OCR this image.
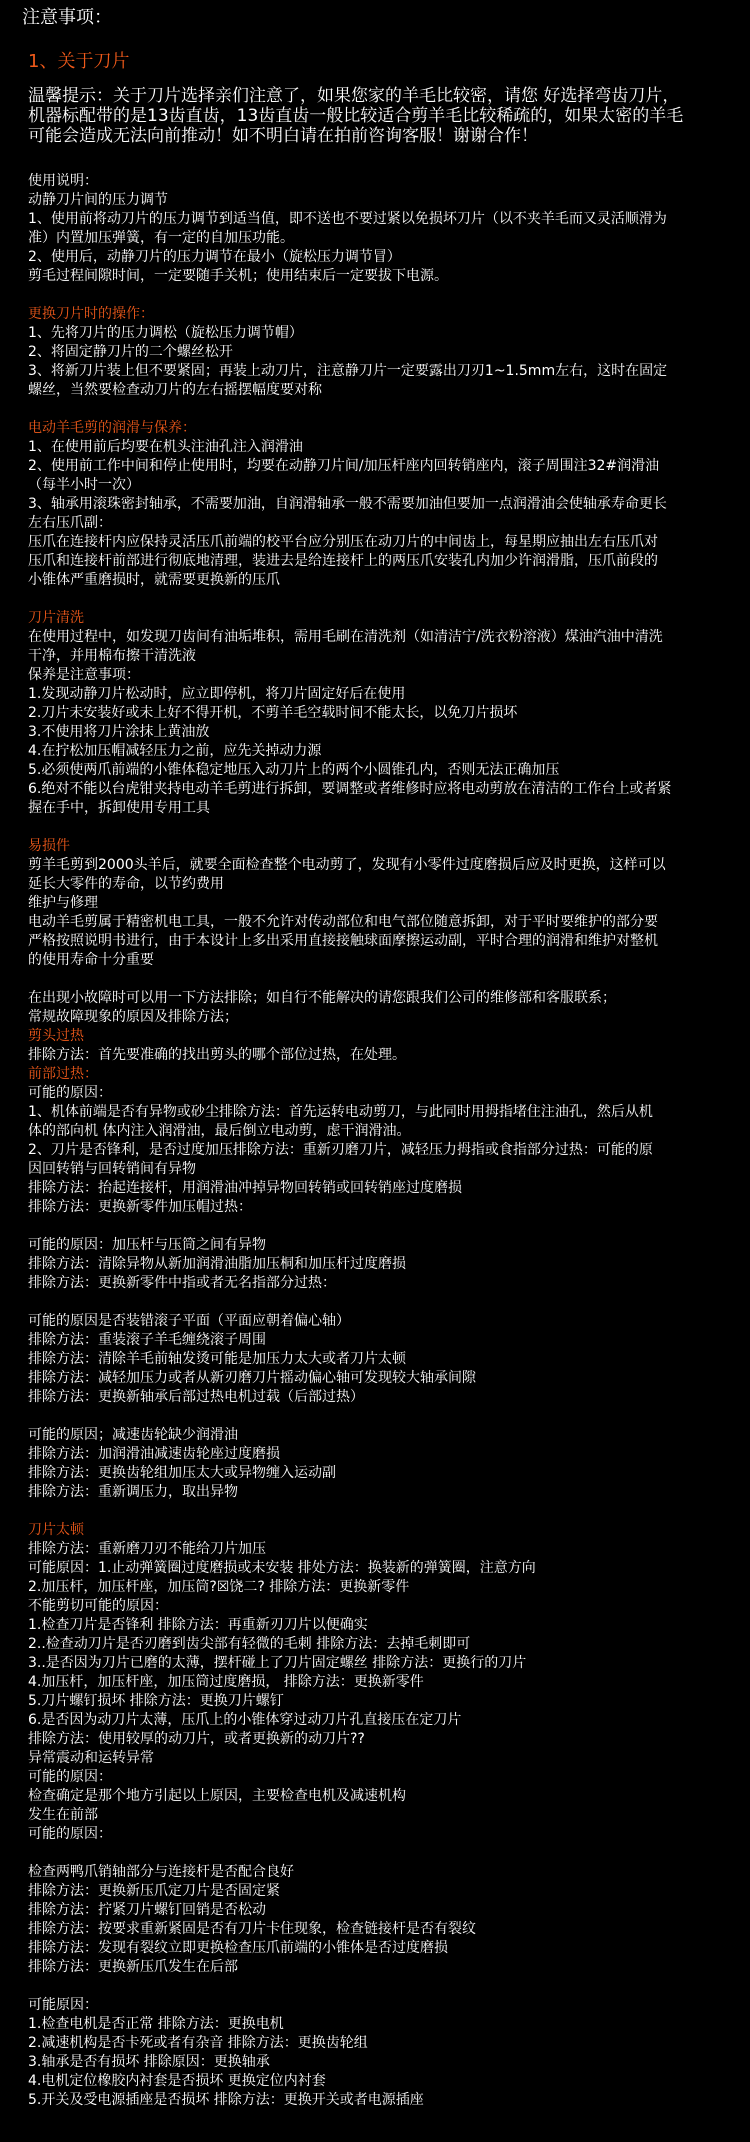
注意事项：
1、关于刀片
温馨提示：关于刀片选择亲们注意了，如果您家的羊毛比较密，请您 好选择弯齿刀片，
机器标配带的是13齿直齿，13齿直齿一般比较适合剪羊毛比较稀疏的，如果太密的羊毛
可能会造成无法向前推动！如不明白请在拍前咨询客服！谢谢合作！
使用说明：
动静刀片间的压力调节
1、使用前将动刀片的压力调节到适当值，即不送也不要过紧以免损坏刀片（以不夹羊毛而又灵活顺滑为
准）内置加压弹簧，有一定的自加压功能。
2、使用后，动静刀片的压力调节在最小（旋松压力调节冒）
剪毛过程间隙时间，一定要随手关机；使用结束后一定要拔下电源。
更换刀片时的操作：
1、先将刀片的压力调松（旋松压力调节帽）
2、将固定静刀片的二个螺丝松开
3、将新刀片装上但不要紧固；再装上动刀片，注意静刀片一定要露出刀刃1~1.5mm左右，这时在固定
螺丝，当然要检查动刀片的左右摇摆幅度要对称
电动羊毛剪的润滑与保养：
1、在使用前后均要在机头注油孔注入润滑油
2、使用前工作中间和停止使用时，均要在动静刀片间/加压杆座内回转销座内，滚子周围注32#润滑油
（每半小时一次）
3、轴承用滚珠密封轴承，不需要加油，自润滑轴承一般不需要加油但要加一点润滑油会使轴承寿命更长
左右压爪副：
压爪在连接杆内应保持灵活压爪前端的校平台应分别压在动刀片的中间齿上，每星期应抽出左右压爪对
压爪和连接杆前部进行彻底地清理，装进去是给连接杆上的两压爪安装孔内加少许润滑脂，压爪前段的
小锥体严重磨损时，就需要更换新的压爪
刀片清洗
在使用过程中，如发现刀齿间有油垢堆积，需用毛刷在清洗剂（如清洁宁/洗衣粉溶液）煤油汽油中清洗
干净，并用棉布擦干清洗液
保养是注意事项：
1.发现动静刀片松动时，应立即停机，将刀片固定好后在使用
2.刀片未安装好或未上好不得开机，不剪羊毛空载时间不能太长，以免刀片损坏
3.不使用将刀片涂抹上黄油放
4.在拧松加压帽减轻压力之前，应先关掉动力源
5.必须使两爪前端的小锥体稳定地压入动刀片上的两个小圆锥孔内，否则无法正确加压
6.绝对不能以台虎钳夹持电动羊毛剪进行拆卸，要调整或者维修时应将电动剪放在清洁的工作台上或者紧
握在手中，拆卸使用专用工具
易损件
剪羊毛剪到2000头羊后，就要全面检查整个电动剪了，发现有小零件过度磨损后应及时更换，这样可以
延长大零件的寿命，以节约费用
维护与修理
电动羊毛剪属于精密机电工具，一般不允许对传动部位和电气部位随意拆卸，对于平时要维护的部分要
严格按照说明书进行，由于本设计上多出采用直接接触球面摩擦运动副，平时合理的润滑和维护对整机
的使用寿命十分重要
在出现小故障时可以用一下方法排除；如自行不能解决的请您跟我们公司的维修部和客服联系；
常规故障现象的原因及排除方法；
剪头过热
排除方法：首先要准确的找出剪头的哪个部位过热，在处理。
前部过热：
可能的原因：
1、机体前端是否有异物或砂尘排除方法：首先运转电动剪刀，与此同时用拇指堵住注油孔，然后从机
体的部向机 体内注入润滑油，最后倒立电动剪，虑干润滑油。
2、刀片是否锋利，是否过度加压排除方法：重新刃磨刀片，减轻压力拇指或食指部分过热：可能的原
因回转销与回转销间有异物
排除方法：抬起连接杆，用润滑油冲掉异物回转销或回转销座过度磨损
排除方法：更换新零件加压帽过热：
可能的原因：加压杆与压筒之间有异物
排除方法：清除异物从新加润滑油脂加压桐和加压杆过度磨损
排除方法：更换新零件中指或者无名指部分过热：
可能的原因是否装错滚子平面（平面应朝着偏心轴）
排除方法：重装滚子羊毛缠绕滚子周围
排除方法：清除羊毛前轴发烫可能是加压力太大或者刀片太顿
排除方法：减轻加压力或者从新刃磨刀片摇动偏心轴可发现较大轴承间隙
排除方法：更换新轴承后部过热电机过载（后部过热）
可能的原因；减速齿轮缺少润滑油
排除方法：加润滑油减速齿轮座过度磨损
排除方法：更换齿轮组加压太大或异物缠入运动副
排除方法：重新调压力，取出异物
刀片太顿
排除方法：重新磨刀刃不能给刀片加压
可能原因：1.止动弹簧圈过度磨损或未安装 排处方法：换装新的弹簧圈，注意方向
2.加压杆，加压杆座，加压筒?☒饶二? 排除方法：更换新零件
不能剪切可能的原因：
1.检查刀片是否锋利 排除方法：再重新刃刀片以便确实
2..检查动刀片是否刃磨到齿尖部有轻微的毛刺 排除方法：去掉毛刺即可
3..是否因为刀片已磨的太薄，摆杆碰上了刀片固定螺丝 排除方法：更换行的刀片
4.加压杆，加压杆座，加压筒过度磨损， 排除方法：更换新零件
5.刀片螺钉损坏 排除方法：更换刀片螺钉
6.是否因为动刀片太薄，压爪上的小锥体穿过动刀片孔直接压在定刀片
排除方法：使用较厚的动刀片，或者更换新的动刀片??
异常震动和运转异常
可能的原因：
检查确定是那个地方引起以上原因，主要检查电机及减速机构
发生在前部
可能的原因：
检查两鸭爪销轴部分与连接杆是否配合良好
排除方法：更换新压爪定刀片是否固定紧
排除方法：拧紧刀片螺钉回销是否松动
排除方法：按要求重新紧固是否有刀片卡住现象，检查链接杆是否有裂纹
排除方法：发现有裂纹立即更换检查压爪前端的小锥体是否过度磨损
排除方法：更换新压爪发生在后部
可能原因：
1.检查电机是否正常 排除方法：更换电机
2.减速机构是否卡死或者有杂音 排除方法：更换齿轮组
3.轴承是否有损坏 排除原因：更换轴承
4.电机定位橡胶内衬套是否损坏 更换定位内衬套
5.开关及受电源插座是否损坏 排除方法：更换开关或者电源插座
